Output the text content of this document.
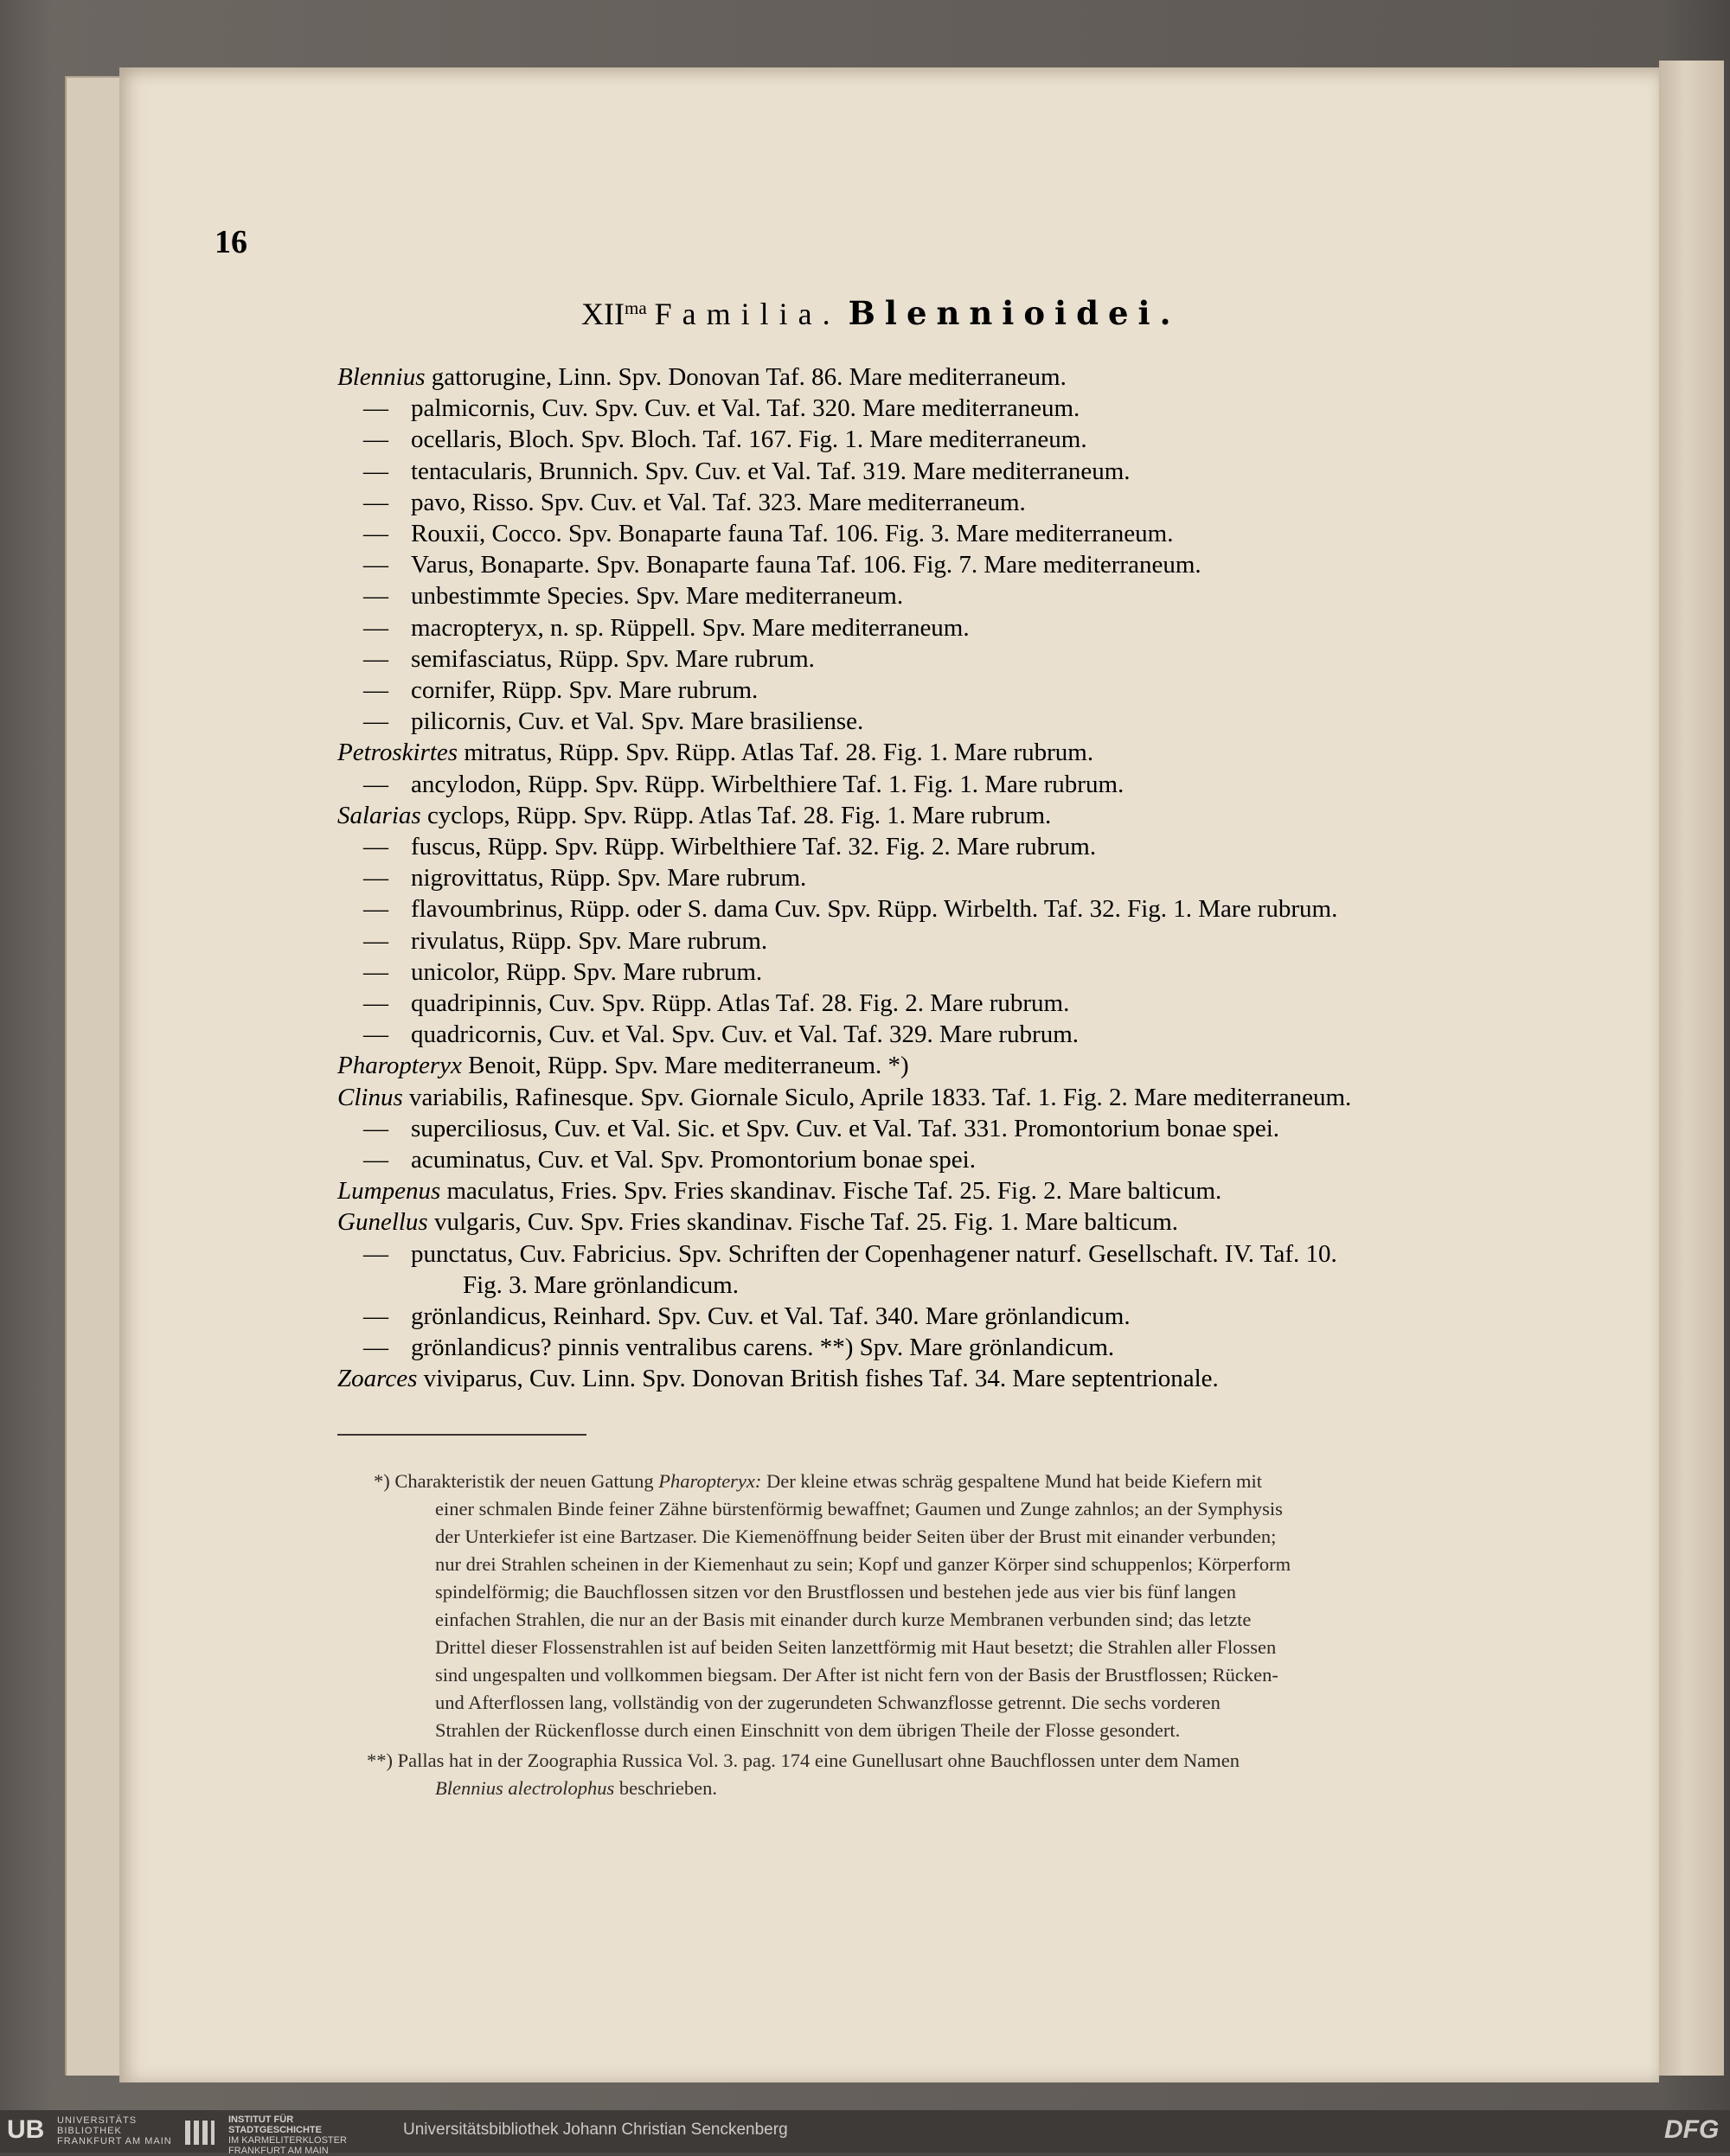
16
$XII^{ma}$ Familia. Blennioidei.
Blennius gattorugine, Linn. Spv. Donovan Taf. 86. Mare mediterraneum.
— palmicornis, Cuv. Spv. Cuv. et Val. Taf. 320. Mare mediterraneum.
— ocellaris, Bloch. Spv. Bloch. Taf. 167. Fig. 1. Mare mediterraneum.
— tentacularis, Brunnich. Spv. Cuv. et Val. Taf. 319. Mare mediterraneum.
— pavo, Risso. Spv. Cuv. et Val. Taf. 323. Mare mediterraneum.
— Rouxii, Cocco. Spv. Bonaparte fauna Taf. 106. Fig. 3. Mare mediterraneum.
— Varus, Bonaparte. Spv. Bonaparte fauna Taf. 106. Fig. 7. Mare mediterraneum.
— unbestimmte Species. Spv. Mare mediterraneum.
— macropteryx, n. sp. Rüppell. Spv. Mare mediterraneum.
— semifasciatus, Rüpp. Spv. Mare rubrum.
— cornifer, Rüpp. Spv. Mare rubrum.
— pilicornis, Cuv. et Val. Spv. Mare brasiliense.
Petroskirtes mitratus, Rüpp. Spv. Rüpp. Atlas Taf. 28. Fig. 1. Mare rubrum.
— ancylodon, Rüpp. Spv. Rüpp. Wirbelthiere Taf. 1. Fig. 1. Mare rubrum.
Salarias cyclops, Rüpp. Spv. Rüpp. Atlas Taf. 28. Fig. 1. Mare rubrum.
— fuscus, Rüpp. Spv. Rüpp. Wirbelthiere Taf. 32. Fig. 2. Mare rubrum.
— nigrovittatus, Rüpp. Spv. Mare rubrum.
— flavoumbrinus, Rüpp. oder S. dama Cuv. Spv. Rüpp. Wirbelth. Taf. 32. Fig. 1. Mare rubrum.
— rivulatus, Rüpp. Spv. Mare rubrum.
— unicolor, Rüpp. Spv. Mare rubrum.
— quadripinnis, Cuv. Spv. Rüpp. Atlas Taf. 28. Fig. 2. Mare rubrum.
— quadricornis, Cuv. et Val. Spv. Cuv. et Val. Taf. 329. Mare rubrum.
Pharopteryx Benoit, Rüpp. Spv. Mare mediterraneum. *)
Clinus variabilis, Rafinesque. Spv. Giornale Siculo, Aprile 1833. Taf. 1. Fig. 2. Mare mediterraneum.
— superciliosus, Cuv. et Val. Sic. et Spv. Cuv. et Val. Taf. 331. Promontorium bonae spei.
— acuminatus, Cuv. et Val. Spv. Promontorium bonae spei.
Lumpenus maculatus, Fries. Spv. Fries skandinav. Fische Taf. 25. Fig. 2. Mare balticum.
Gunellus vulgaris, Cuv. Spv. Fries skandinav. Fische Taf. 25. Fig. 1. Mare balticum.
— punctatus, Cuv. Fabricius. Spv. Schriften der Copenhagener naturf. Gesellschaft. IV. Taf. 10.
Fig. 3. Mare grönlandicum.
— grönlandicus, Reinhard. Spv. Cuv. et Val. Taf. 340. Mare grönlandicum.
— grönlandicus? pinnis ventralibus carens. **) Spv. Mare grönlandicum.
Zoarces viviparus, Cuv. Linn. Spv. Donovan British fishes Taf. 34. Mare septentrionale.
*) Charakteristik der neuen Gattung Pharopteryx: Der kleine etwas schräg gespaltene Mund hat beide Kiefern mit
einer schmalen Binde feiner Zähne bürstenförmig bewaffnet; Gaumen und Zunge zahnlos; an der Symphysis
der Unterkiefer ist eine Bartzaser. Die Kiemenöffnung beider Seiten über der Brust mit einander verbunden;
nur drei Strahlen scheinen in der Kiemenhaut zu sein; Kopf und ganzer Körper sind schuppenlos; Körperform
spindelförmig; die Bauchflossen sitzen vor den Brustflossen und bestehen jede aus vier bis fünf langen
einfachen Strahlen, die nur an der Basis mit einander durch kurze Membranen verbunden sind; das letzte
Drittel dieser Flossenstrahlen ist auf beiden Seiten lanzettförmig mit Haut besetzt; die Strahlen aller Flossen
sind ungespalten und vollkommen biegsam. Der After ist nicht fern von der Basis der Brustflossen; Rücken-
und Afterflossen lang, vollständig von der zugerundeten Schwanzflosse getrennt. Die sechs vorderen
Strahlen der Rückenflosse durch einen Einschnitt von dem übrigen Theile der Flosse gesondert.
**) Pallas hat in der Zoographia Russica Vol. 3. pag. 174 eine Gunellusart ohne Bauchflossen unter dem Namen
Blennius alectrolophus beschrieben.
UB UNIVERSITÄTS
BIBLIOTHEK
FRANKFURT AM MAIN
INSTITUT FÜR
STADTGESCHICHTE
IM KARMELITERKLOSTER
FRANKFURT AM MAIN
Universitätsbibliothek Johann Christian Senckenberg	DFG
